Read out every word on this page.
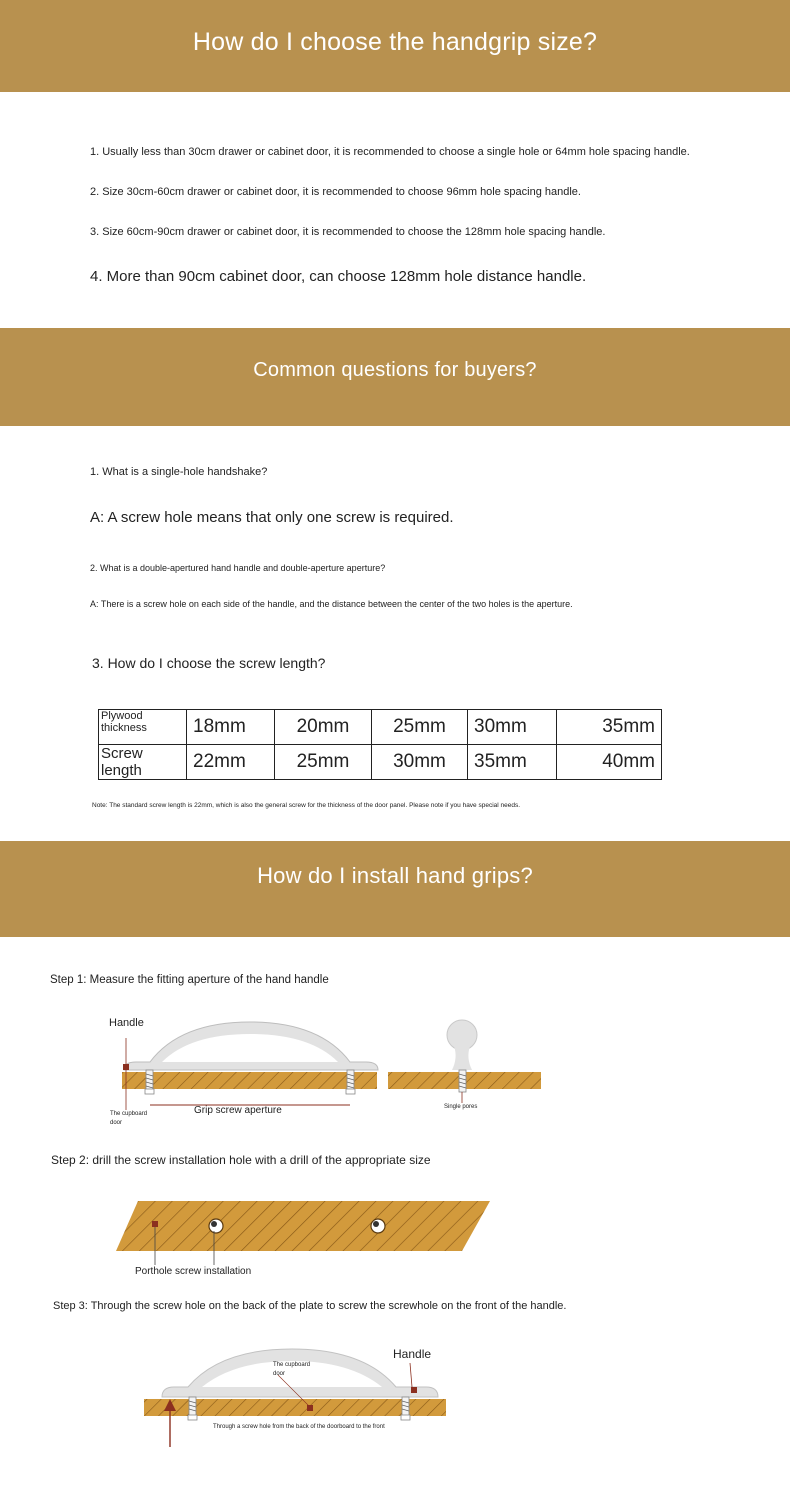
How do I choose the handgrip size?
1. Usually less than 30cm drawer or cabinet door, it is recommended to choose a single hole or 64mm hole spacing handle.
2. Size 30cm-60cm drawer or cabinet door, it is recommended to choose 96mm hole spacing handle.
3. Size 60cm-90cm drawer or cabinet door, it is recommended to choose the 128mm hole spacing handle.
4. More than 90cm cabinet door, can choose 128mm hole distance handle.
Common questions for buyers?
1. What is a single-hole handshake?
A: A screw hole means that only one screw is required.
2. What is a double-apertured hand handle and double-aperture aperture?
A: There is a screw hole on each side of the handle, and the distance between the center of the two holes is the aperture.
3. How do I choose the screw length?
Plywood thickness	18mm	20mm	25mm	30mm	35mm
Screw length	22mm	25mm	30mm	35mm	40mm
Note: The standard screw length is 22mm, which is also the general screw for the thickness of the door panel. Please note if you have special needs.
How do I install hand grips?
Step 1: Measure the fitting aperture of the hand handle
Handle
The cupboard
door
Grip screw aperture	Single pores
Step 2: drill the screw installation hole with a drill of the appropriate size
Porthole screw installation
Step 3: Through the screw hole on the back of the plate to screw the screwhole on the front of the handle.
Handle
The cupboard
door
Through a screw hole from the back of the doorboard to the front
